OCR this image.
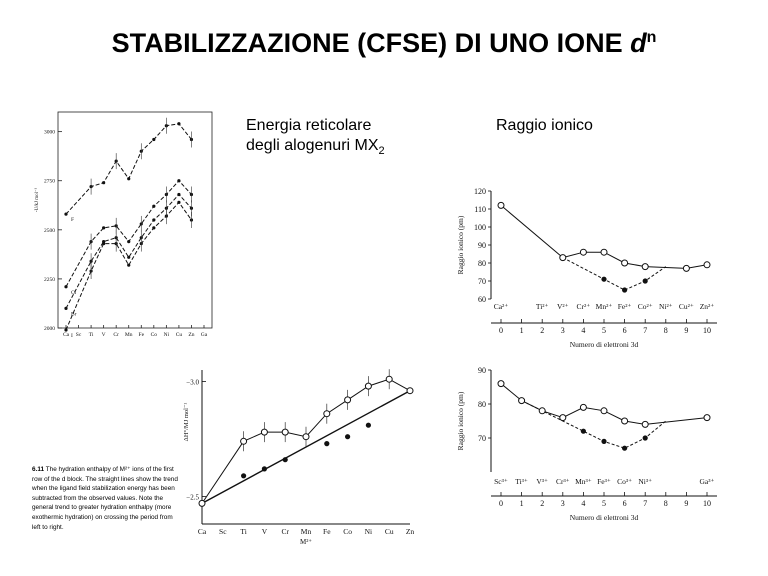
STABILIZZAZIONE (CFSE) DI UNO IONE $d^n$
Energia reticolare
degli alogenuri $MX_2$
Raggio ionico
2000
2250
2500
2750
3000
Ca Sc Ti V Cr Mn Fe Co Ni Cu Zn Ga
-U/kJ mol⁻¹
F
Cl
Br
I
60
70
80
90
100
110
120
0
Ca²⁺
1 2
Ti²⁺
3
V²⁺
4
Cr²⁺
5
Mn²⁺
6
Fe²⁺
7
Co²⁺
8
Ni²⁺
9
Cu²⁺
10
Zn²⁺
Numero di elettroni 3d
Raggio ionico (pm)
−2.5
−3.0
Ca Sc Ti V Cr Mn Fe Co Ni Cu Zn
M²⁺
ΔH°/MJ mol⁻¹	70
80
90
0
Sc³⁺
1
Ti³⁺
2
V³⁺
3
Cr³⁺
4
Mn³⁺
5
Fe³⁺
6
Co³⁺
7
Ni³⁺
8 9 10
Ga³⁺
Numero di elettroni 3d
Raggio ionico (pm)
6.11 The hydration enthalpy of M²⁺ ions of the first row of the d block. The straight lines show the trend when the ligand field stabilization energy has been subtracted from the observed values. Note the general trend to greater hydration enthalpy (more exothermic hydration) on crossing the period from left to right.
